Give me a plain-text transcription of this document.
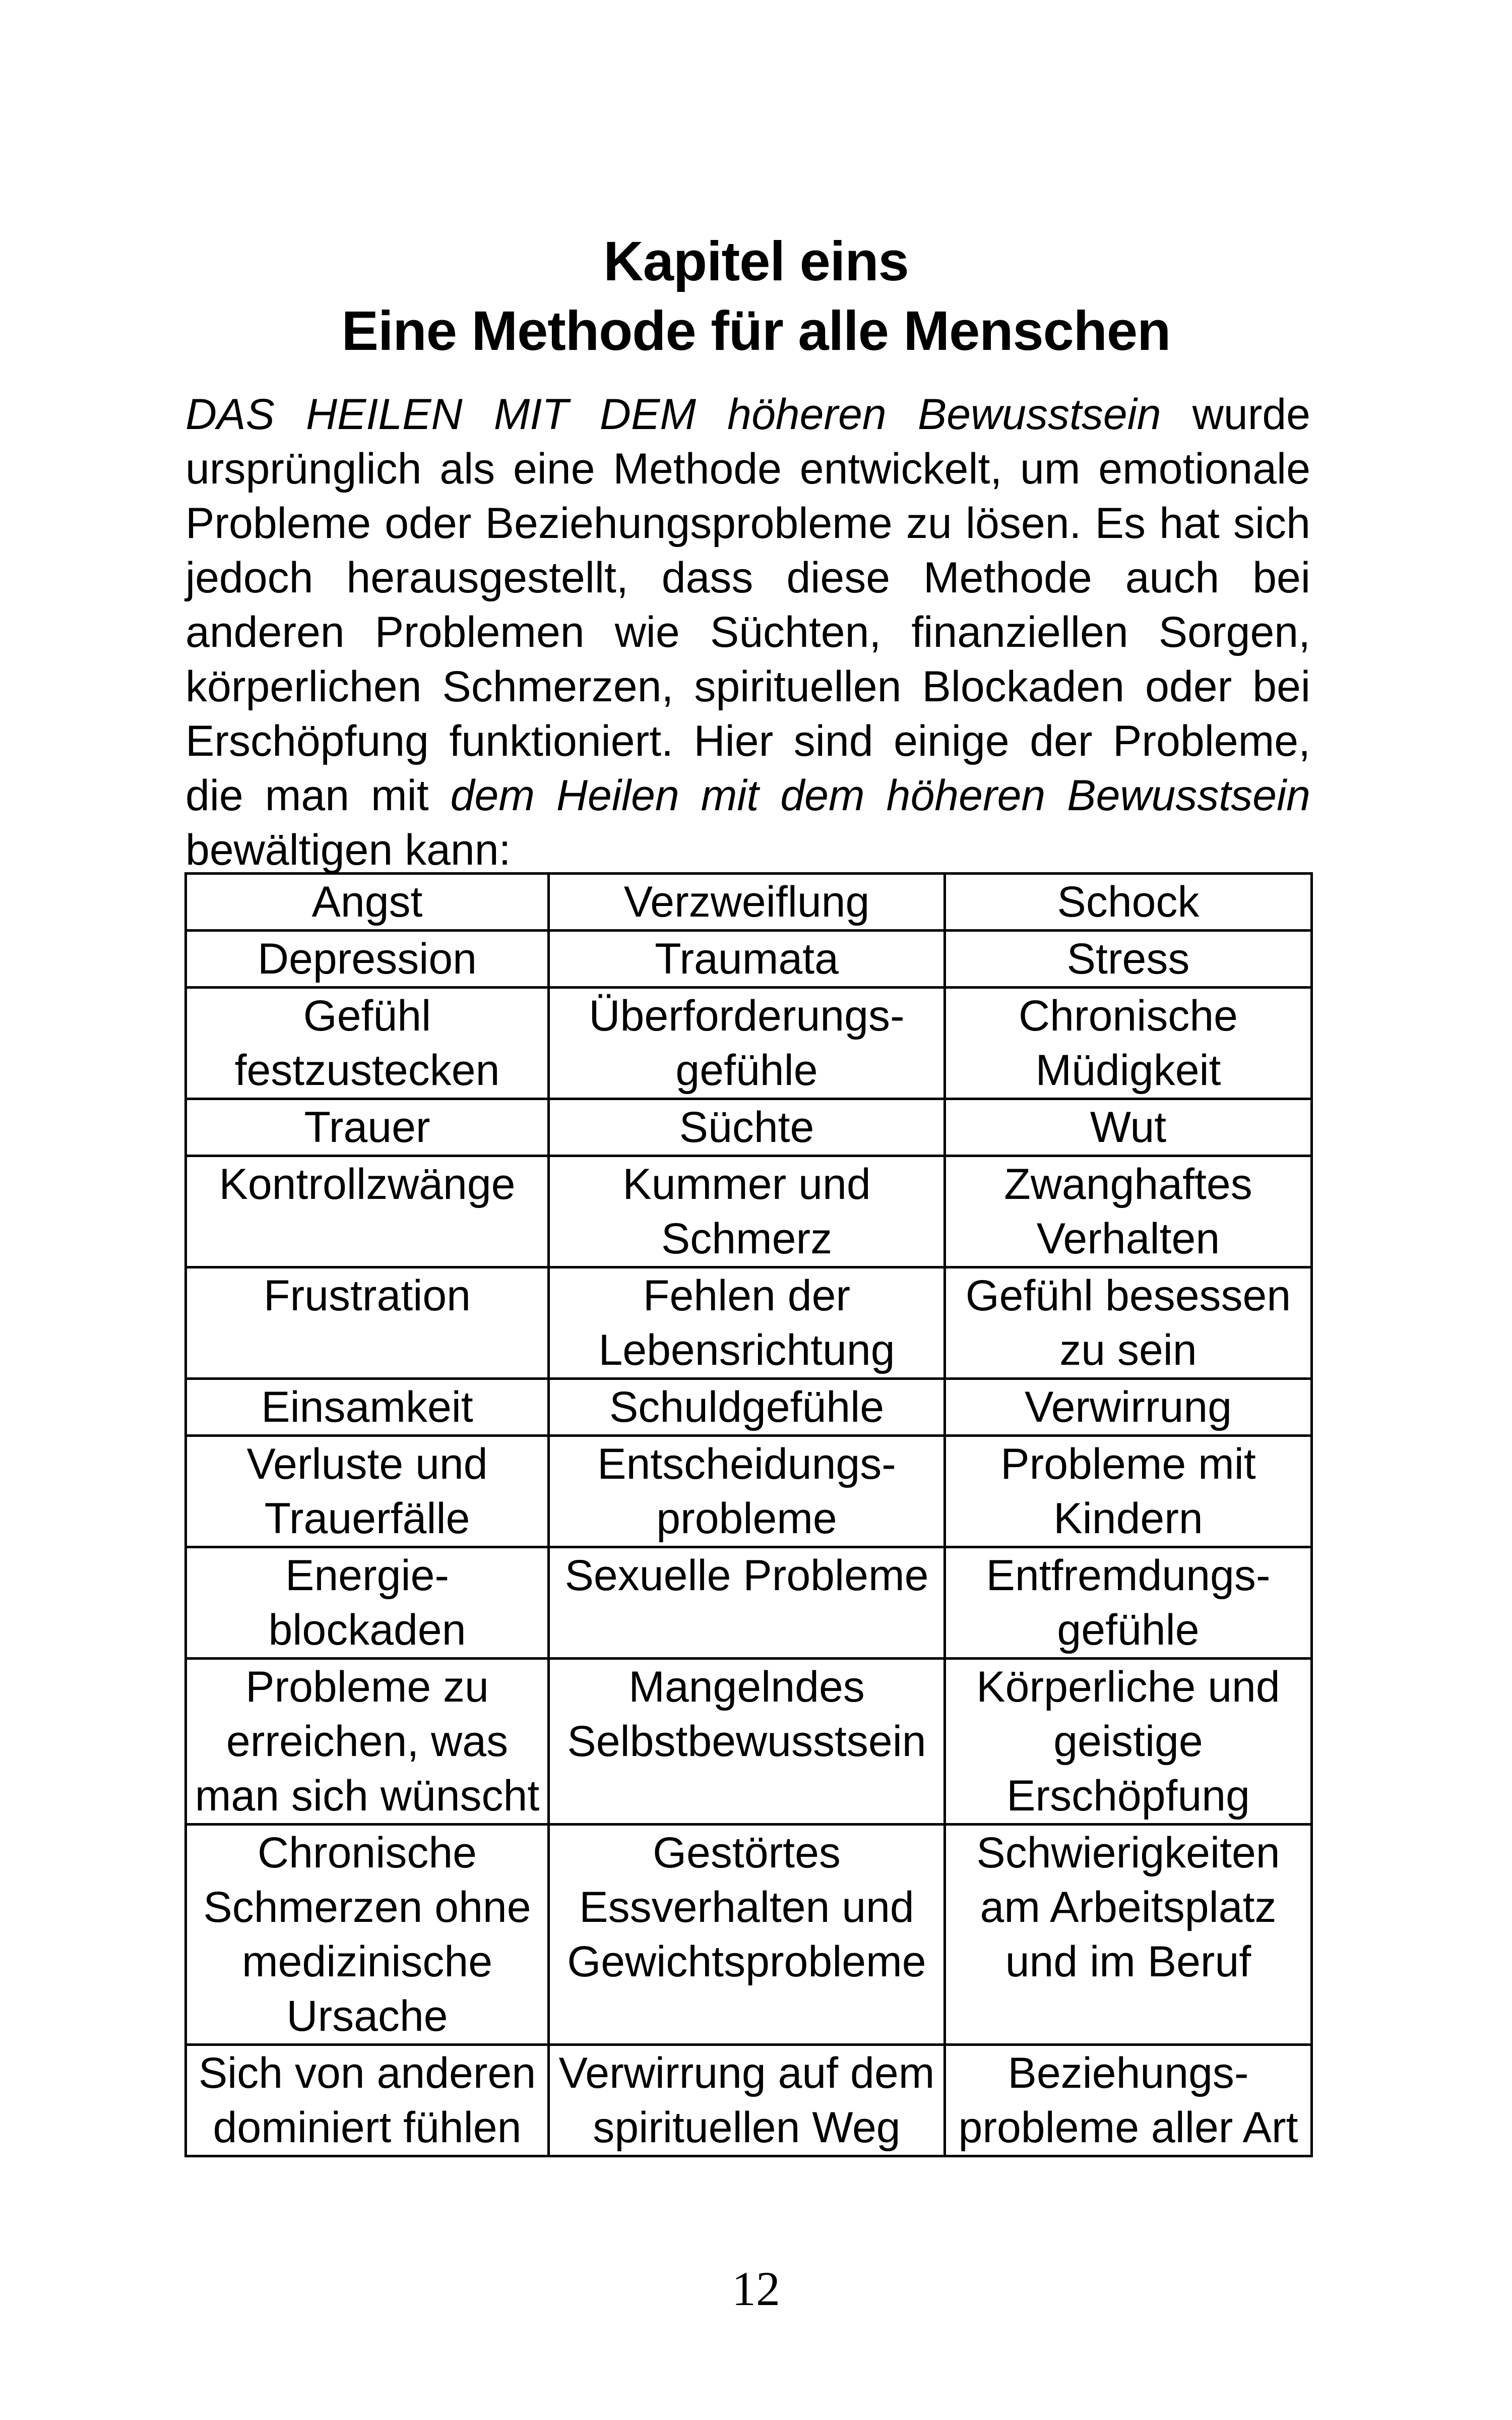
Kapitel eins
Eine Methode für alle Menschen

DAS HEILEN MIT DEM höheren Bewusstsein wurde ursprünglich als eine Methode entwickelt, um emotionale Probleme oder Beziehungsprobleme zu lösen. Es hat sich jedoch herausgestellt, dass diese Methode auch bei anderen Problemen wie Süchten, finanziellen Sorgen, körperlichen Schmerzen, spirituellen Blockaden oder bei Erschöpfung funktioniert. Hier sind einige der Probleme, die man mit dem Heilen mit dem höheren Bewusstsein bewältigen kann:

Angst	Verzweiflung	Schock
Depression	Traumata	Stress
Gefühl festzustecken	Überforderungs-gefühle	Chronische Müdigkeit
Trauer	Süchte	Wut
Kontrollzwänge	Kummer und Schmerz	Zwanghaftes Verhalten
Frustration	Fehlen der Lebensrichtung	Gefühl besessen zu sein
Einsamkeit	Schuldgefühle	Verwirrung
Verluste und Trauerfälle	Entscheidungs-probleme	Probleme mit Kindern
Energie-blockaden	Sexuelle Probleme	Entfremdungs-gefühle
Probleme zu erreichen, was man sich wünscht	Mangelndes Selbstbewusstsein	Körperliche und geistige Erschöpfung
Chronische Schmerzen ohne medizinische Ursache	Gestörtes Essverhalten und Gewichtsprobleme	Schwierigkeiten am Arbeitsplatz und im Beruf
Sich von anderen dominiert fühlen	Verwirrung auf dem spirituellen Weg	Beziehungs-probleme aller Art
12
